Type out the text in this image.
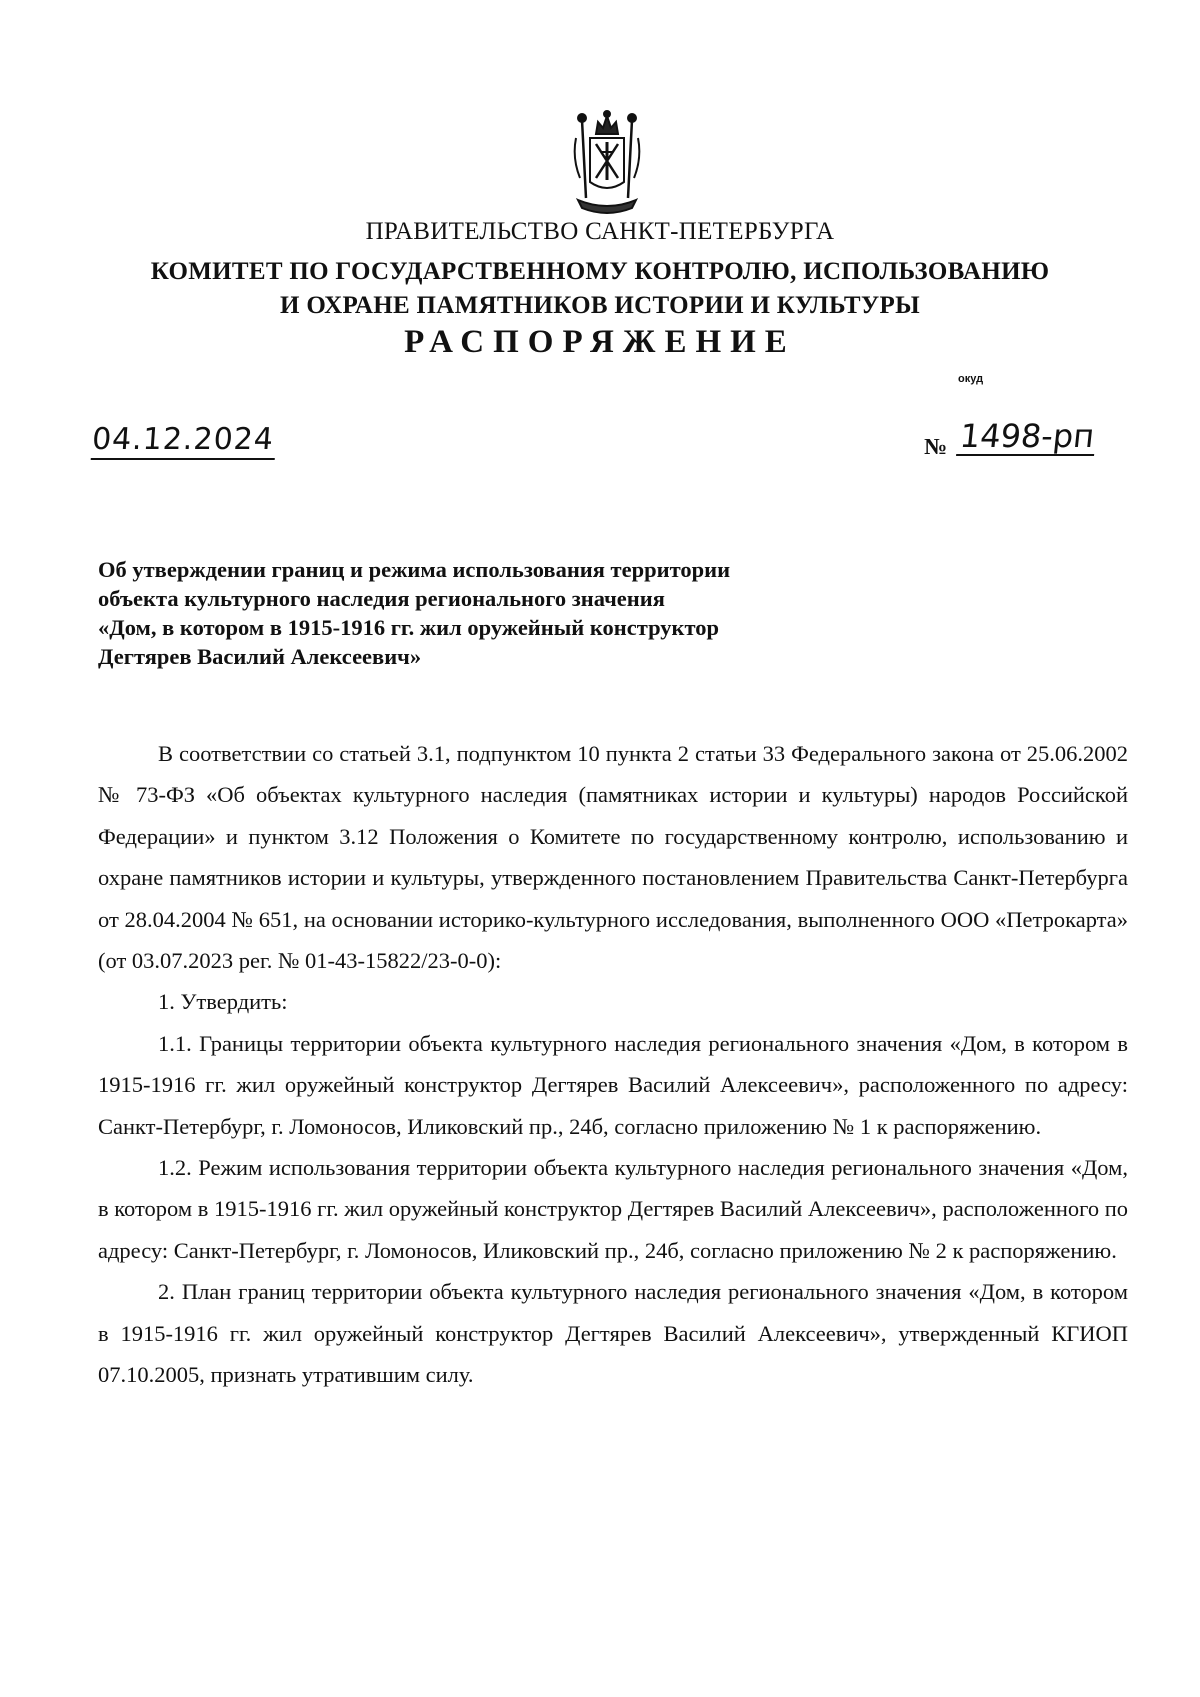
ПРАВИТЕЛЬСТВО САНКТ-ПЕТЕРБУРГА
КОМИТЕТ ПО ГОСУДАРСТВЕННОМУ КОНТРОЛЮ, ИСПОЛЬЗОВАНИЮ
И ОХРАНЕ ПАМЯТНИКОВ ИСТОРИИ И КУЛЬТУРЫ
РАСПОРЯЖЕНИЕ
окуд
04.12.2024	№ 1498-рп
Об утверждении границ и режима использования территории
объекта культурного наследия регионального значения
«Дом, в котором в 1915-1916 гг. жил оружейный конструктор
Дегтярев Василий Алексеевич»

В соответствии со статьей 3.1, подпунктом 10 пункта 2 статьи 33 Федерального закона от 25.06.2002 № 73-ФЗ «Об объектах культурного наследия (памятниках истории и культуры) народов Российской Федерации» и пунктом 3.12 Положения о Комитете по государственному контролю, использованию и охране памятников истории и культуры, утвержденного постановлением Правительства Санкт-Петербурга от 28.04.2004 № 651, на основании историко-культурного исследования, выполненного ООО «Петрокарта» (от 03.07.2023 рег. № 01-43-15822/23-0-0):

1. Утвердить:

1.1. Границы территории объекта культурного наследия регионального значения «Дом, в котором в 1915-1916 гг. жил оружейный конструктор Дегтярев Василий Алексеевич», расположенного по адресу: Санкт-Петербург, г. Ломоносов, Иликовский пр., 24б, согласно приложению № 1 к распоряжению.

1.2. Режим использования территории объекта культурного наследия регионального значения «Дом, в котором в 1915-1916 гг. жил оружейный конструктор Дегтярев Василий Алексеевич», расположенного по адресу: Санкт-Петербург, г. Ломоносов, Иликовский пр., 24б, согласно приложению № 2 к распоряжению.

2. План границ территории объекта культурного наследия регионального значения «Дом, в котором в 1915-1916 гг. жил оружейный конструктор Дегтярев Василий Алексеевич», утвержденный КГИОП 07.10.2005, признать утратившим силу.
